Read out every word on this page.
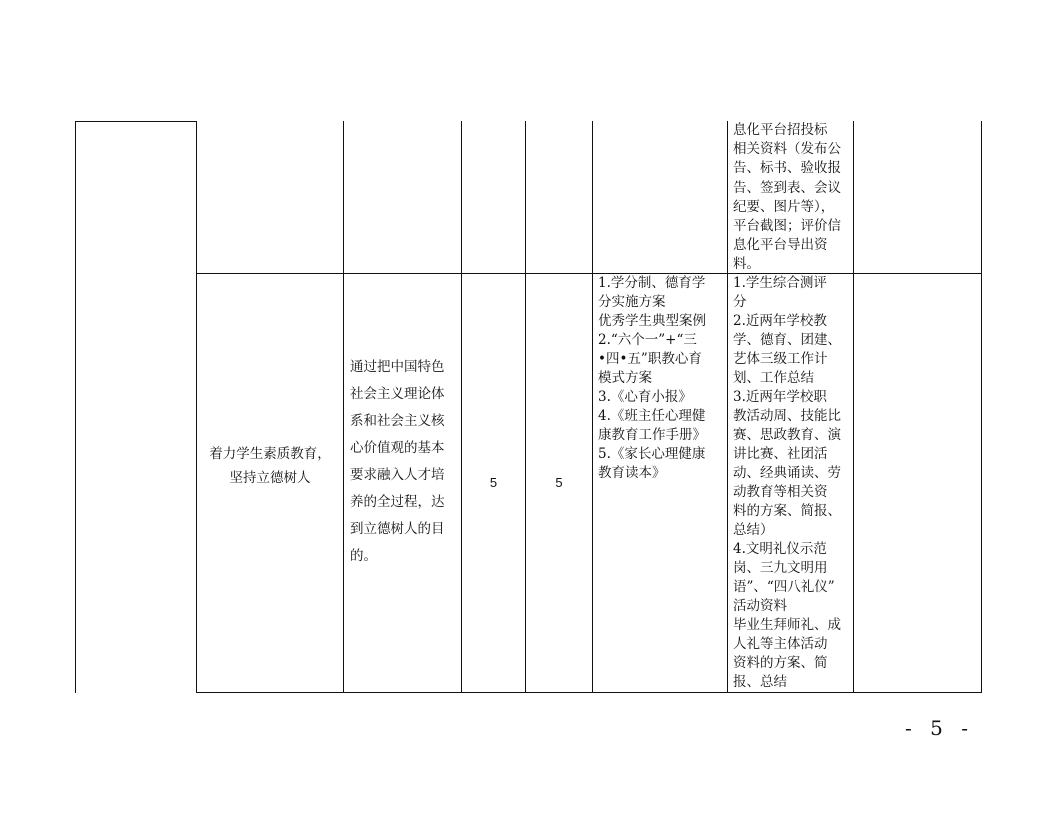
息化平台招投标
相关资料（发布公
告、标书、验收报
告、签到表、会议
纪要、图片等），
平台截图；评价信
息化平台导出资
料。
着力学生素质教育，
坚持立德树人
通过把中国特色
社会主义理论体
系和社会主义核
心价值观的基本
要求融入人才培
养的全过程，达
到立德树人的目
的。
5	5
1.学分制、德育学
分实施方案
优秀学生典型案例
2.“六个一”+“三
•四•五”职教心育
模式方案
3.《心育小报》
4.《班主任心理健
康教育工作手册》
5.《家长心理健康
教育读本》
1.学生综合测评
分
2.近两年学校教
学、德育、团建、
艺体三级工作计
划、工作总结
3.近两年学校职
教活动周、技能比
赛、思政教育、演
讲比赛、社团活
动、经典诵读、劳
动教育等相关资
料的方案、简报、
总结）
4.文明礼仪示范
岗、三九文明用
语”、“四八礼仪”
活动资料
毕业生拜师礼、成
人礼等主体活动
资料的方案、简
报、总结
- 5 -
